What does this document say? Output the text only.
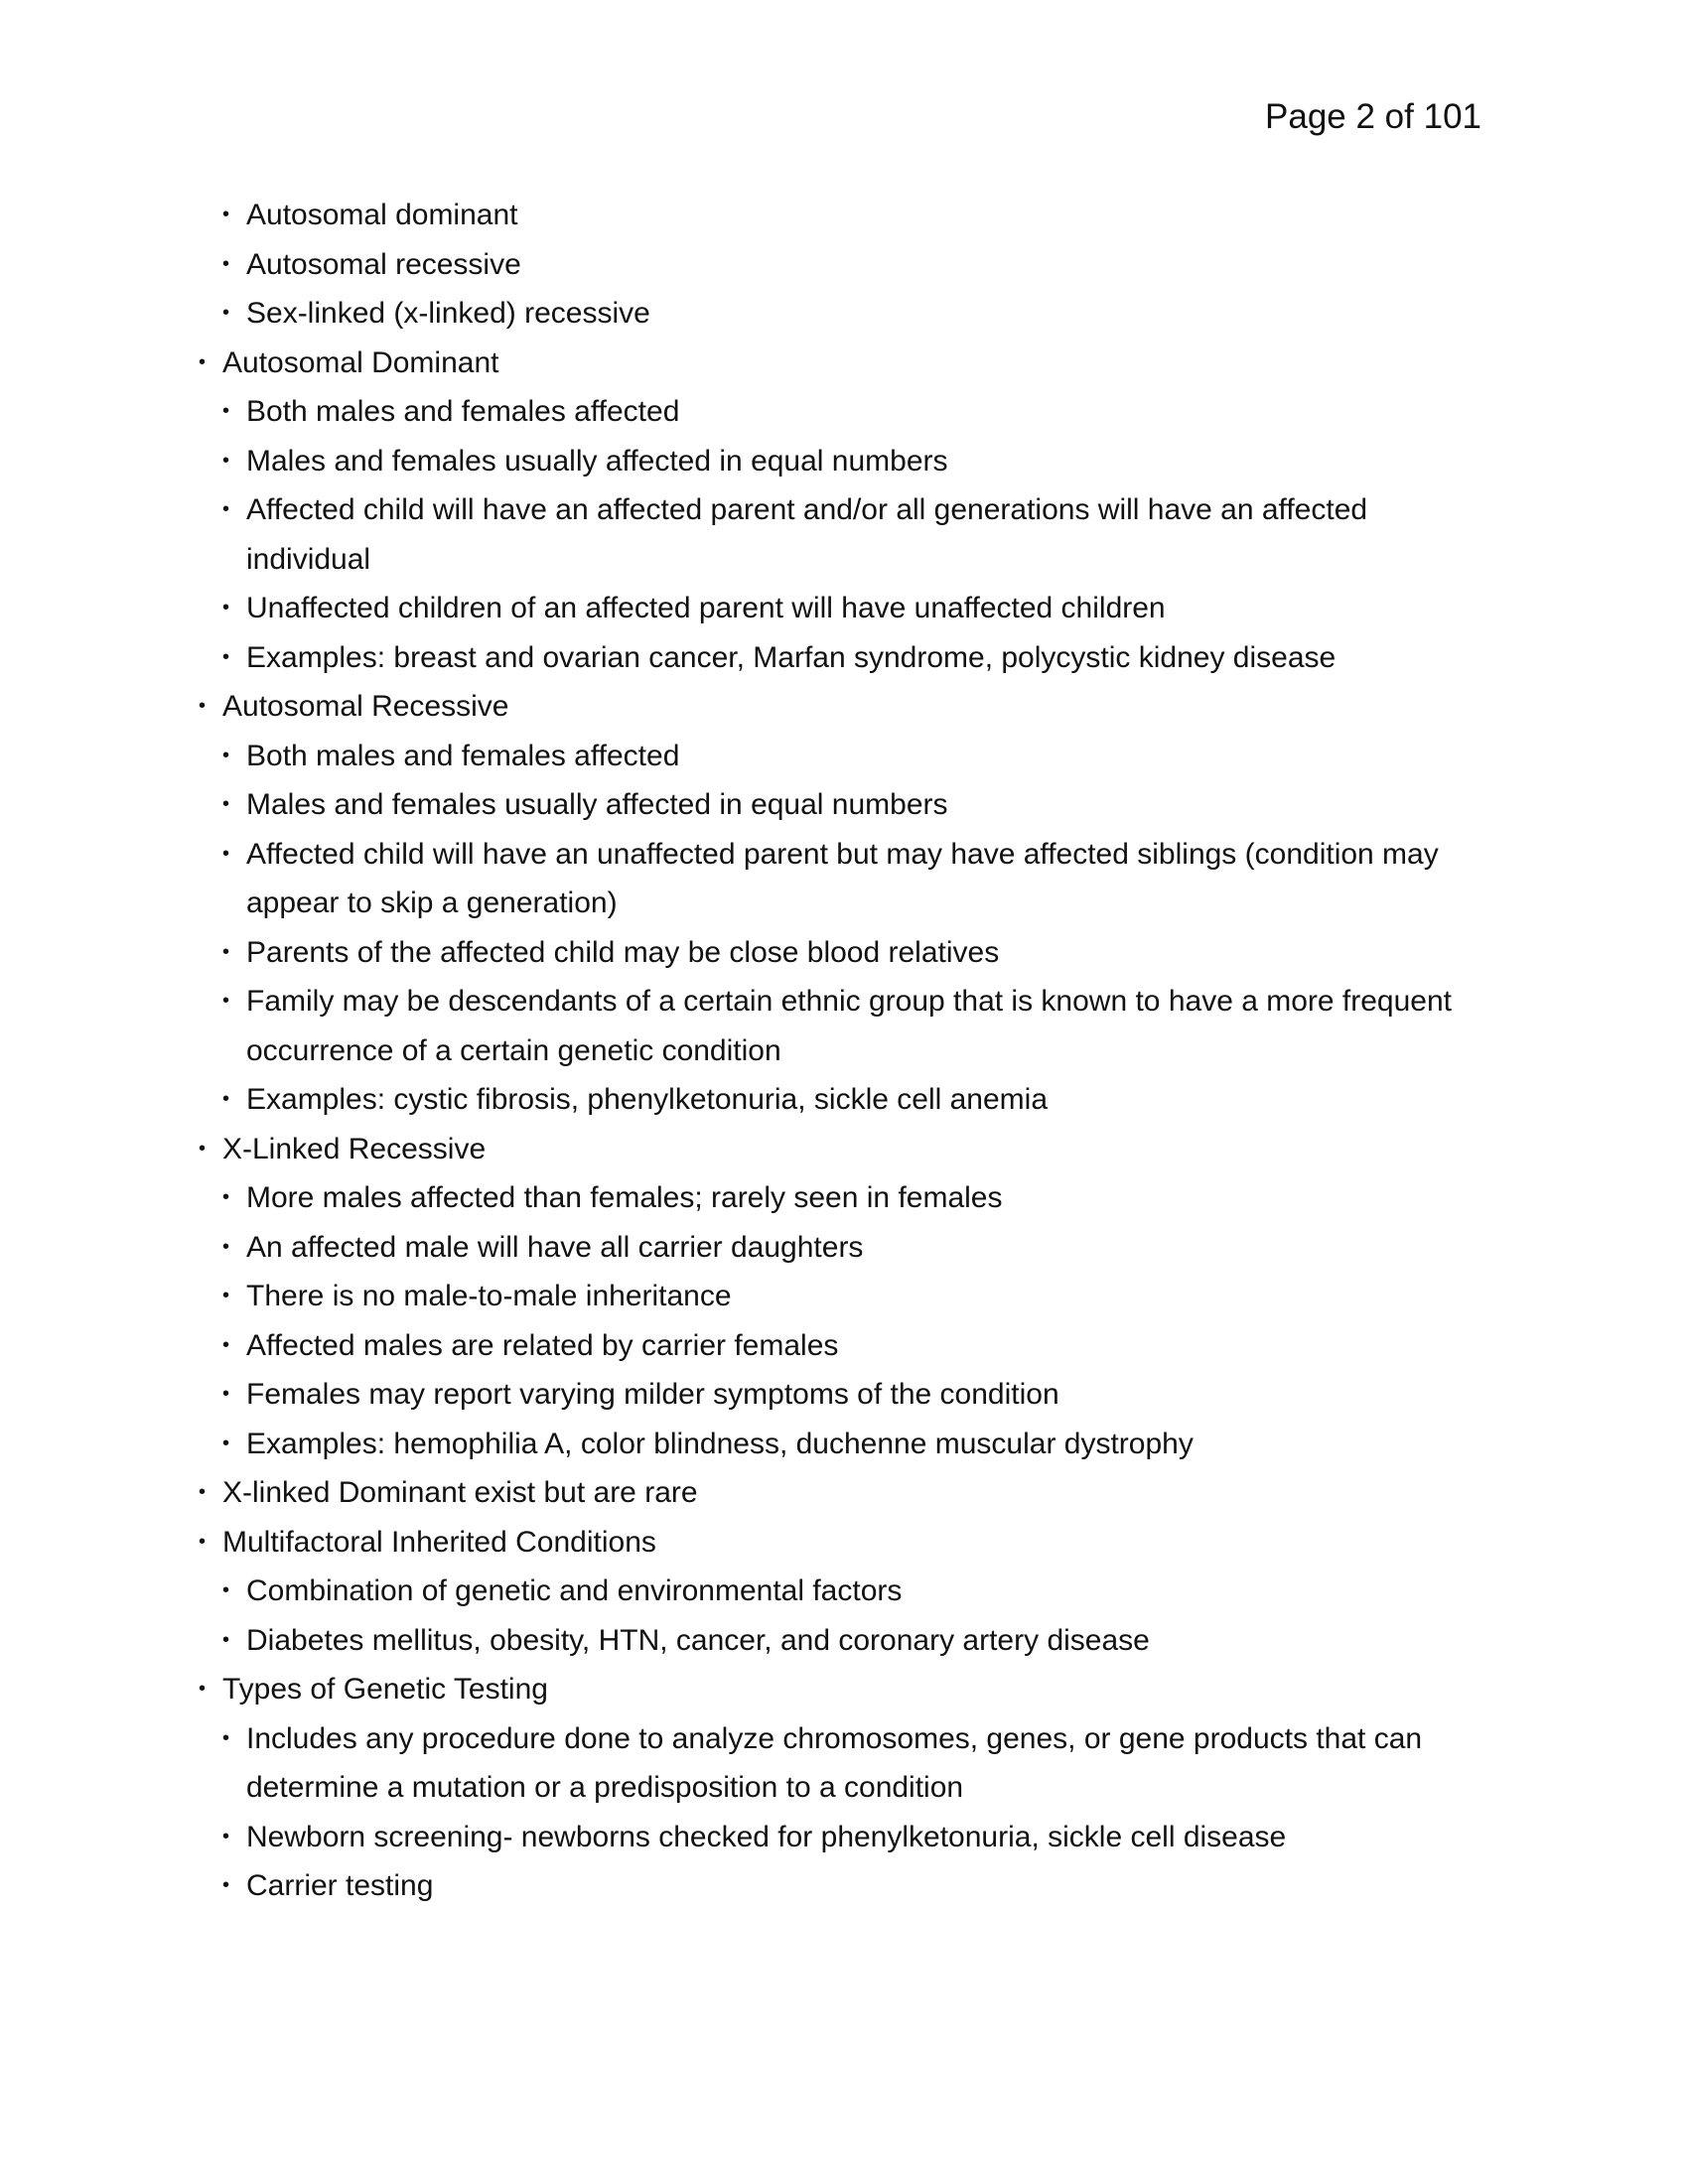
Page 2 of 101
• Autosomal dominant
• Autosomal recessive
• Sex-linked (x-linked) recessive
• Autosomal Dominant
• Both males and females affected
• Males and females usually affected in equal numbers
• Affected child will have an affected parent and/or all generations will have an affected individual
• Unaffected children of an affected parent will have unaffected children
• Examples: breast and ovarian cancer, Marfan syndrome, polycystic kidney disease
• Autosomal Recessive
• Both males and females affected
• Males and females usually affected in equal numbers
• Affected child will have an unaffected parent but may have affected siblings (condition may appear to skip a generation)
• Parents of the affected child may be close blood relatives
• Family may be descendants of a certain ethnic group that is known to have a more frequent occurrence of a certain genetic condition
• Examples: cystic fibrosis, phenylketonuria, sickle cell anemia
• X-Linked Recessive
• More males affected than females; rarely seen in females
• An affected male will have all carrier daughters
• There is no male-to-male inheritance
• Affected males are related by carrier females
• Females may report varying milder symptoms of the condition
• Examples: hemophilia A, color blindness, duchenne muscular dystrophy
• X-linked Dominant exist but are rare
• Multifactoral Inherited Conditions
• Combination of genetic and environmental factors
• Diabetes mellitus, obesity, HTN, cancer, and coronary artery disease
• Types of Genetic Testing
• Includes any procedure done to analyze chromosomes, genes, or gene products that can determine a mutation or a predisposition to a condition
• Newborn screening- newborns checked for phenylketonuria, sickle cell disease
• Carrier testing
